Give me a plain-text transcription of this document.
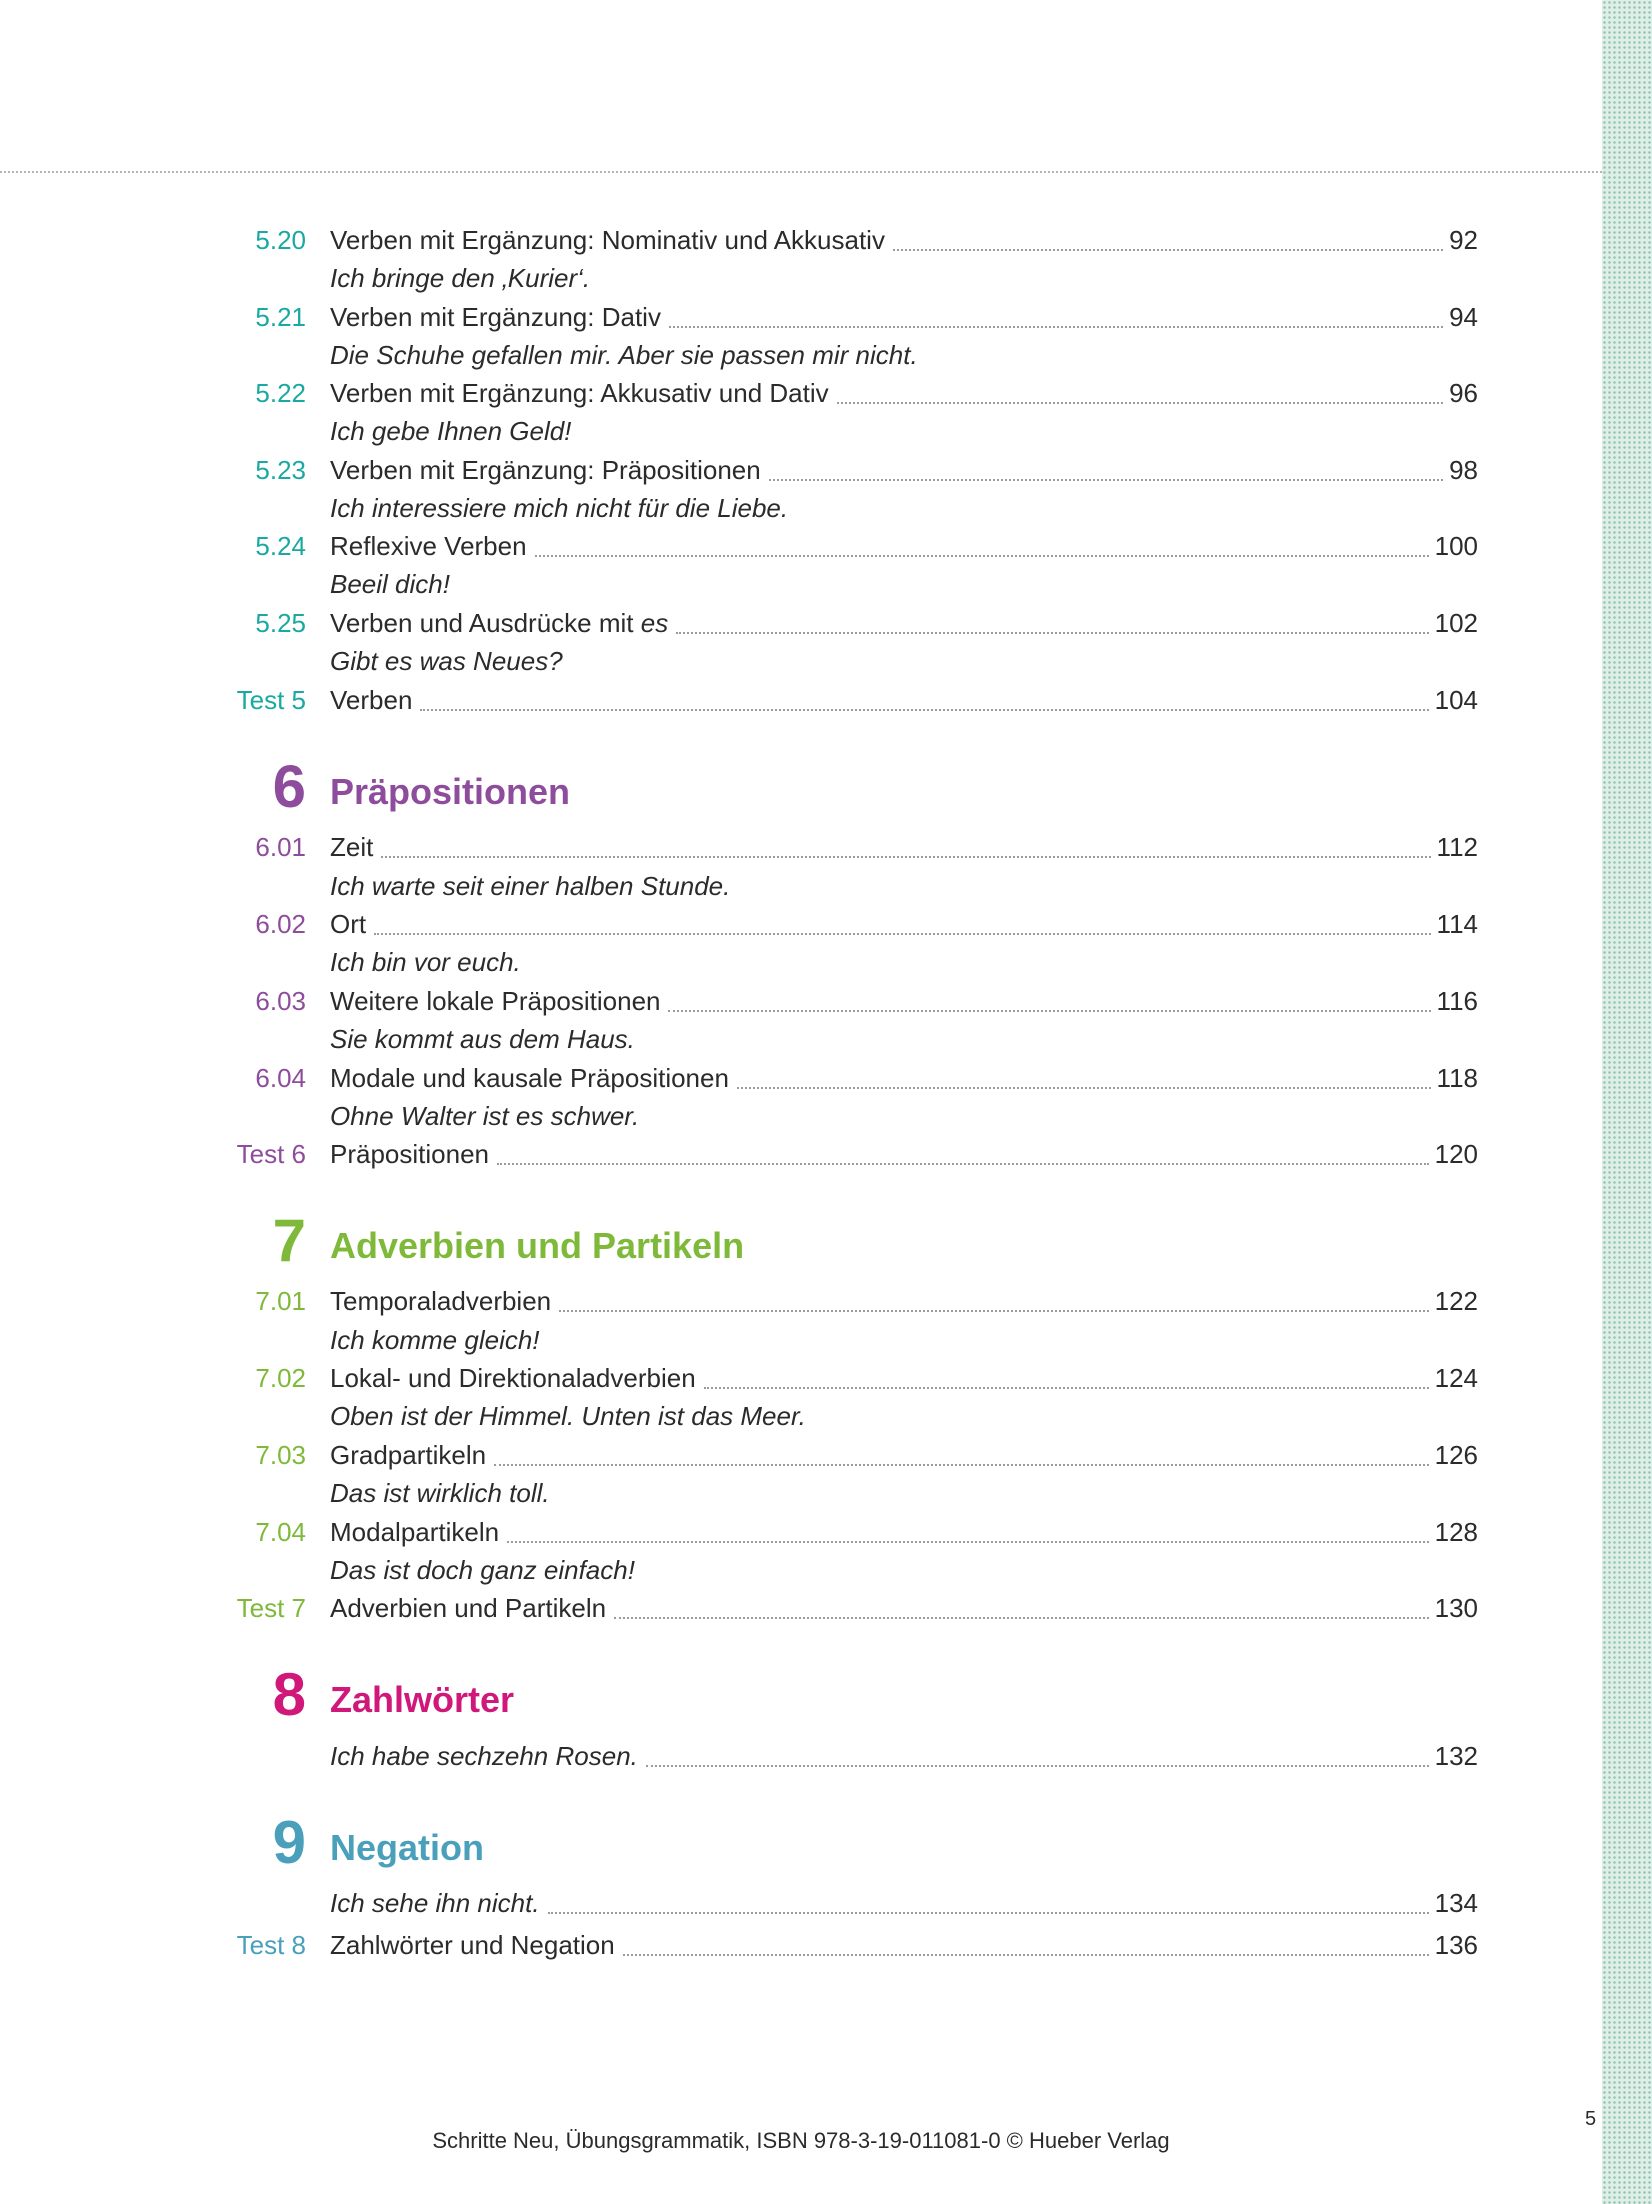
5.20 Verben mit Ergänzung: Nominativ und Akkusativ	92
Ich bringe den ‚Kurier‘.
5.21 Verben mit Ergänzung: Dativ	94
Die Schuhe gefallen mir. Aber sie passen mir nicht.
5.22 Verben mit Ergänzung: Akkusativ und Dativ	96
Ich gebe Ihnen Geld!
5.23 Verben mit Ergänzung: Präpositionen	98
Ich interessiere mich nicht für die Liebe.
5.24 Reflexive Verben	100
Beeil dich!
5.25 Verben und Ausdrücke mit es	102
Gibt es was Neues?
Test 5 Verben	104
6 Präpositionen
6.01 Zeit	112
Ich warte seit einer halben Stunde.
6.02 Ort	114
Ich bin vor euch.
6.03 Weitere lokale Präpositionen	116
Sie kommt aus dem Haus.
6.04 Modale und kausale Präpositionen	118
Ohne Walter ist es schwer.
Test 6 Präpositionen	120
7 Adverbien und Partikeln
7.01 Temporaladverbien	122
Ich komme gleich!
7.02 Lokal- und Direktionaladverbien	124
Oben ist der Himmel. Unten ist das Meer.
7.03 Gradpartikeln	126
Das ist wirklich toll.
7.04 Modalpartikeln	128
Das ist doch ganz einfach!
Test 7 Adverbien und Partikeln	130
8 Zahlwörter
Ich habe sechzehn Rosen.	132
9 Negation
Ich sehe ihn nicht.	134
Test 8 Zahlwörter und Negation	136
5
Schritte Neu, Übungsgrammatik, ISBN 978-3-19-011081-0 © Hueber Verlag
